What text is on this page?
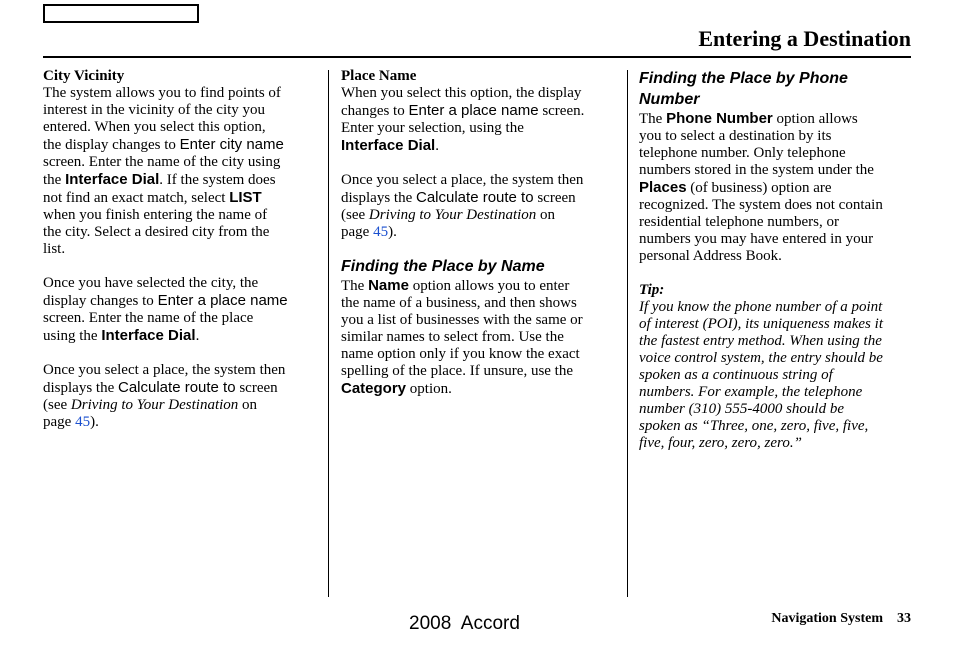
Entering a Destination

City Vicinity

The system allows you to find points of
interest in the vicinity of the city you
entered. When you select this option,
the display changes to Enter city name
screen. Enter the name of the city using
the Interface Dial. If the system does
not find an exact match, select LIST
when you finish entering the name of
the city. Select a desired city from the
list.
Once you have selected the city, the
display changes to Enter a place name
screen. Enter the name of the place
using the Interface Dial.
Once you select a place, the system then
displays the Calculate route to screen
(see Driving to Your Destination on
page 45).

Place Name

When you select this option, the display
changes to Enter a place name screen.
Enter your selection, using the
Interface Dial.
Once you select a place, the system then
displays the Calculate route to screen
(see Driving to Your Destination on
page 45).

Finding the Place by Name

The Name option allows you to enter
the name of a business, and then shows
you a list of businesses with the same or
similar names to select from. Use the
name option only if you know the exact
spelling of the place. If unsure, use the
Category option.

Finding the Place by Phone
Number

The Phone Number option allows
you to select a destination by its
telephone number. Only telephone
numbers stored in the system under the
Places (of business) option are
recognized. The system does not contain
residential telephone numbers, or
numbers you may have entered in your
personal Address Book.

Tip:

If you know the phone number of a point
of interest (POI), its uniqueness makes it
the fastest entry method. When using the
voice control system, the entry should be
spoken as a continuous string of
numbers. For example, the telephone
number (310) 555-4000 should be
spoken as “Three, one, zero, five, five,
five, four, zero, zero, zero.”
2008  Accord	Navigation System 33
